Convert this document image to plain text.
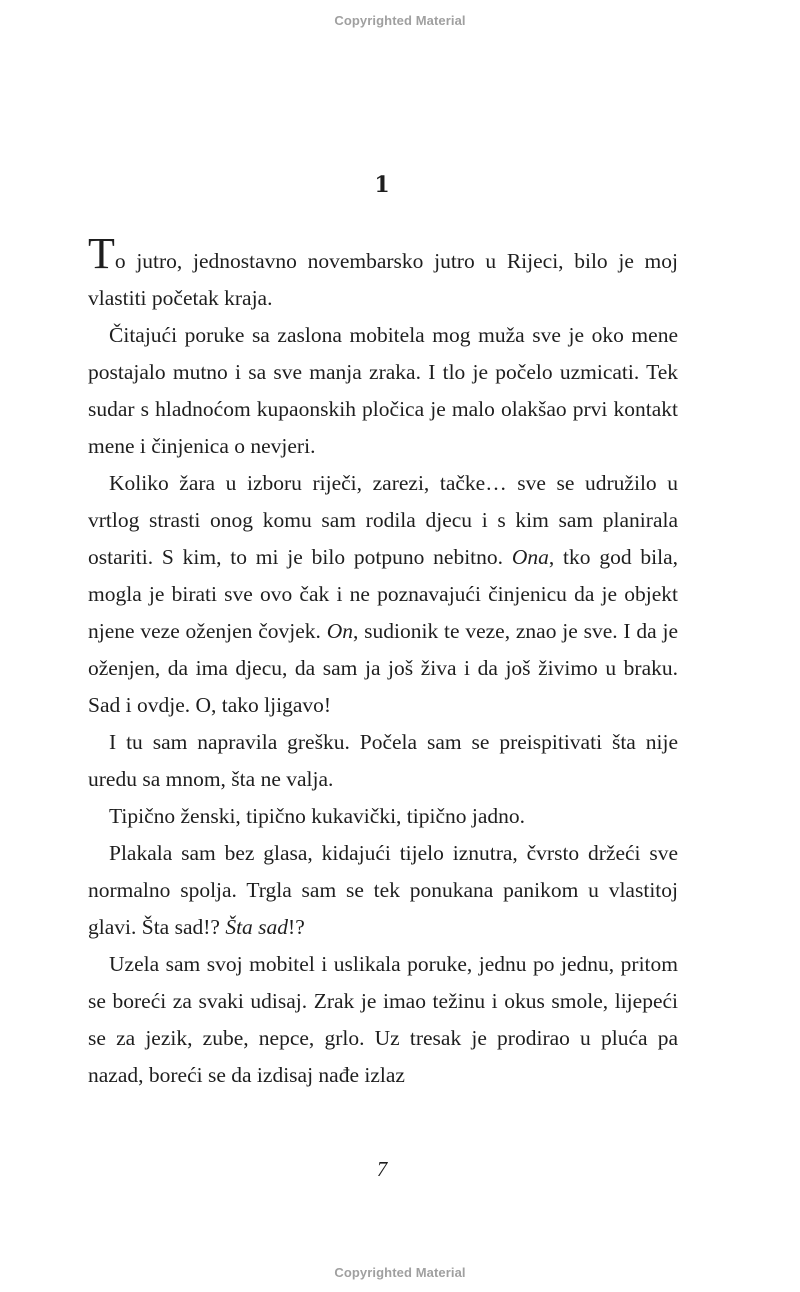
Copyrighted Material
1

To jutro, jednostavno novembarsko jutro u Rijeci, bilo je moj vlastiti početak kraja.

Čitajući poruke sa zaslona mobitela mog muža sve je oko mene postajalo mutno i sa sve manja zraka. I tlo je počelo uzmicati. Tek sudar s hladnoćom kupaonskih pločica je malo olakšao prvi kontakt mene i činjenica o nevjeri.

Koliko žara u izboru riječi, zarezi, tačke… sve se udružilo u vrtlog strasti onog komu sam rodila djecu i s kim sam planirala ostariti. S kim, to mi je bilo potpuno nebitno. Ona, tko god bila, mogla je birati sve ovo čak i ne poznavajući činjenicu da je objekt njene veze oženjen čovjek. On, sudionik te veze, znao je sve. I da je oženjen, da ima djecu, da sam ja još živa i da još živimo u braku. Sad i ovdje. O, tako ljigavo!

I tu sam napravila grešku. Počela sam se preispitivati šta nije uredu sa mnom, šta ne valja.

Tipično ženski, tipično kukavički, tipično jadno.

Plakala sam bez glasa, kidajući tijelo iznutra, čvrsto držeći sve normalno spolja. Trgla sam se tek ponukana panikom u vlastitoj glavi. Šta sad!? Šta sad!?

Uzela sam svoj mobitel i uslikala poruke, jednu po jednu, pritom se boreći za svaki udisaj. Zrak je imao težinu i okus smole, lijepeći se za jezik, zube, nepce, grlo. Uz tresak je prodirao u pluća pa nazad, boreći se da izdisaj nađe izlaz

7
Copyrighted Material
